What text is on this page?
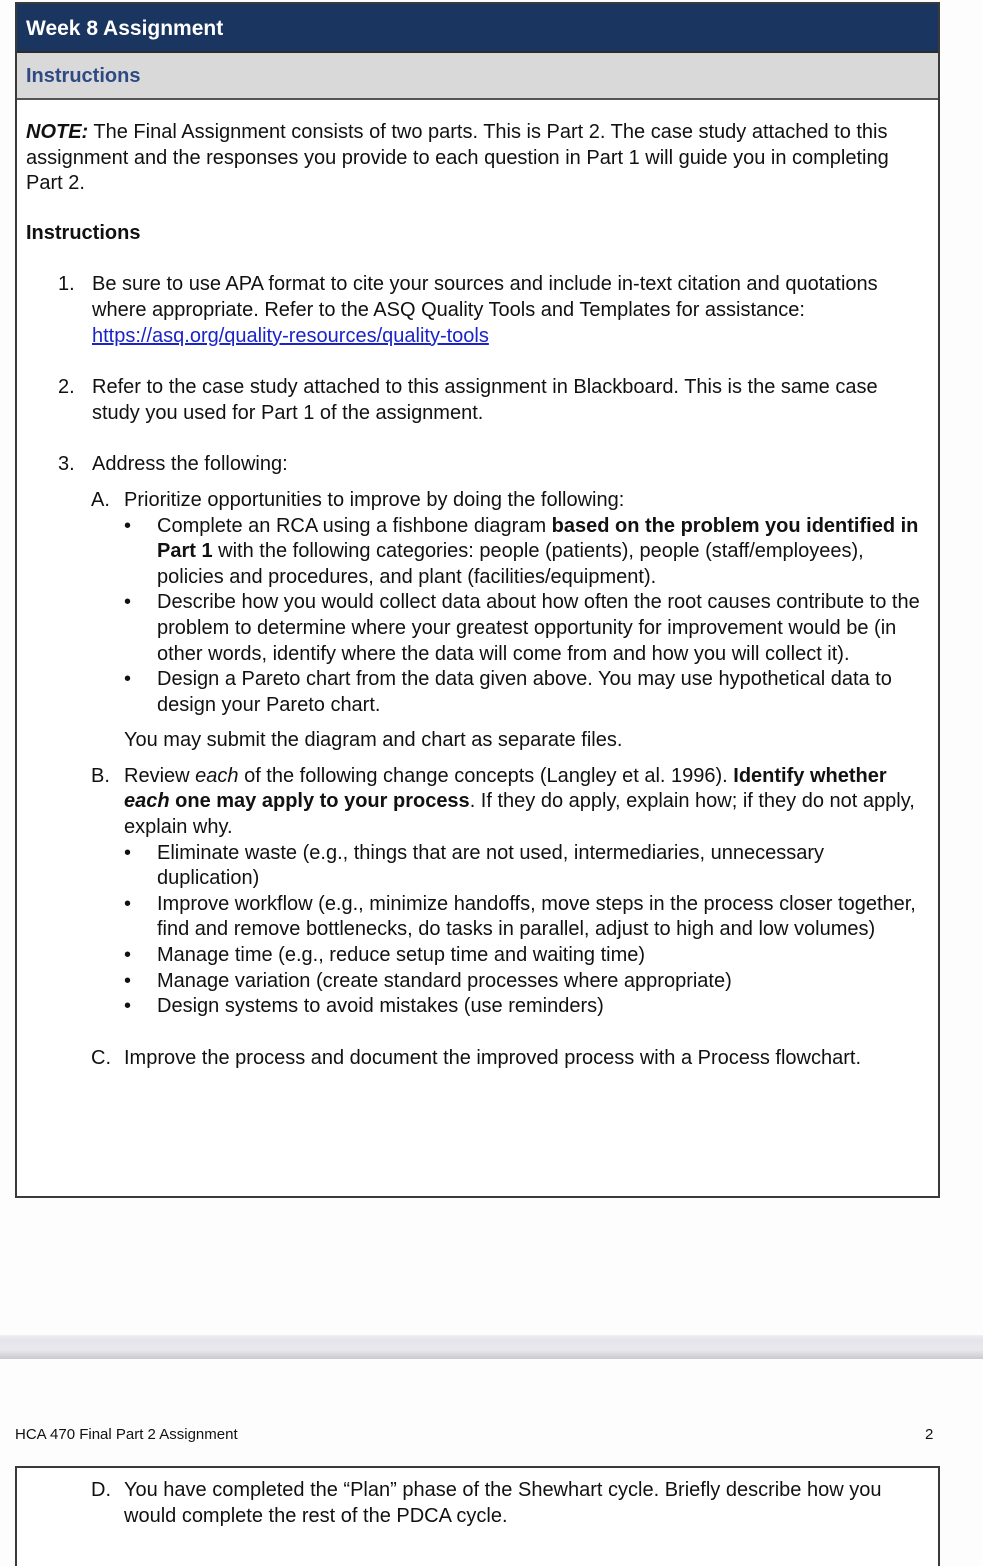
Week 8 Assignment
Instructions

NOTE: The Final Assignment consists of two parts. This is Part 2. The case study attached to this assignment and the responses you provide to each question in Part 1 will guide you in completing Part 2.

Instructions

1. Be sure to use APA format to cite your sources and include in-text citation and quotations where appropriate. Refer to the ASQ Quality Tools and Templates for assistance: https://asq.org/quality-resources/quality-tools
2. Refer to the case study attached to this assignment in Blackboard. This is the same case study you used for Part 1 of the assignment.
3. Address the following:
A. Prioritize opportunities to improve by doing the following:
• Complete an RCA using a fishbone diagram based on the problem you identified in Part 1 with the following categories: people (patients), people (staff/employees), policies and procedures, and plant (facilities/equipment).
• Describe how you would collect data about how often the root causes contribute to the problem to determine where your greatest opportunity for improvement would be (in other words, identify where the data will come from and how you will collect it).
• Design a Pareto chart from the data given above. You may use hypothetical data to design your Pareto chart.
You may submit the diagram and chart as separate files.
B. Review each of the following change concepts (Langley et al. 1996). Identify whether each one may apply to your process. If they do apply, explain how; if they do not apply, explain why.
• Eliminate waste (e.g., things that are not used, intermediaries, unnecessary duplication)
• Improve workflow (e.g., minimize handoffs, move steps in the process closer together, find and remove bottlenecks, do tasks in parallel, adjust to high and low volumes)
• Manage time (e.g., reduce setup time and waiting time)
• Manage variation (create standard processes where appropriate)
• Design systems to avoid mistakes (use reminders)
C. Improve the process and document the improved process with a Process flowchart.
HCA 470 Final Part 2 Assignment	2
D. You have completed the “Plan” phase of the Shewhart cycle. Briefly describe how you would complete the rest of the PDCA cycle.
